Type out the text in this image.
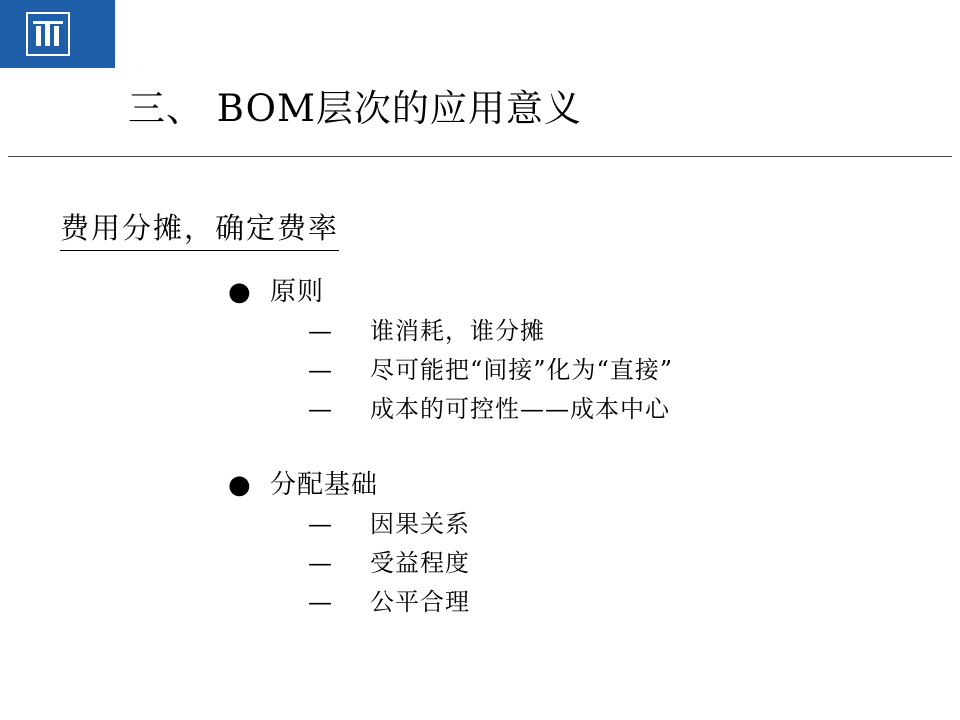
三、 BOM层次的应用意义
费用分摊，确定费率
● 原则
— 谁消耗，谁分摊
— 尽可能把“间接”化为“直接”
— 成本的可控性——成本中心
● 分配基础
— 因果关系
— 受益程度
— 公平合理
